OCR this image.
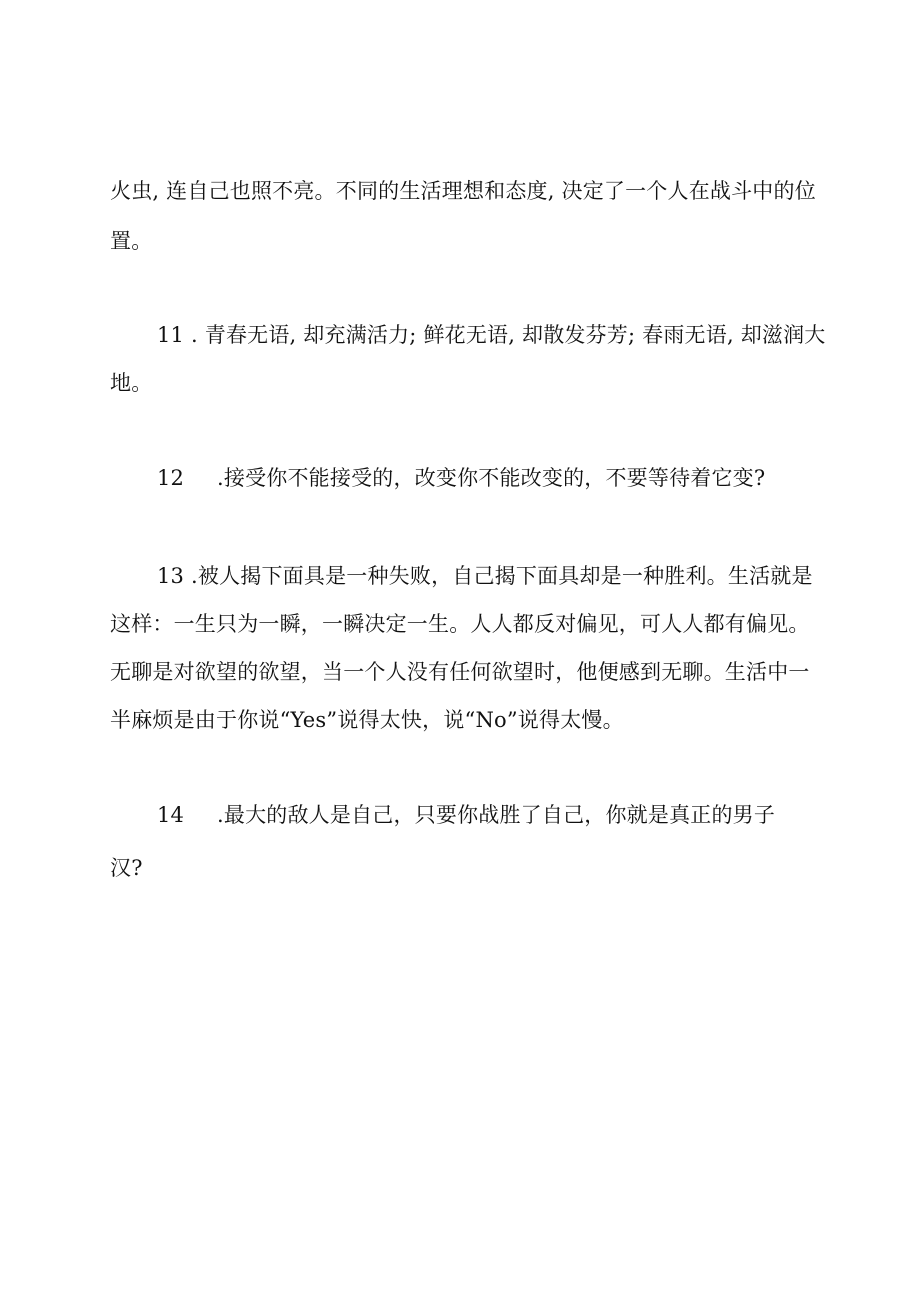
火虫, 连自己也照不亮。不同的生活理想和态度, 决定了一个人在战斗中的位
置。
11 . 青春无语, 却充满活力; 鲜花无语, 却散发芬芳; 春雨无语, 却滋润大
地。
12 .接受你不能接受的，改变你不能改变的，不要等待着它变?
13 .被人揭下面具是一种失败，自己揭下面具却是一种胜利。生活就是
这样：一生只为一瞬，一瞬决定一生。人人都反对偏见，可人人都有偏见。
无聊是对欲望的欲望，当一个人没有任何欲望时，他便感到无聊。生活中一
半麻烦是由于你说“Yes”说得太快，说“No”说得太慢。
14 .最大的敌人是自己，只要你战胜了自己，你就是真正的男子
汉?
